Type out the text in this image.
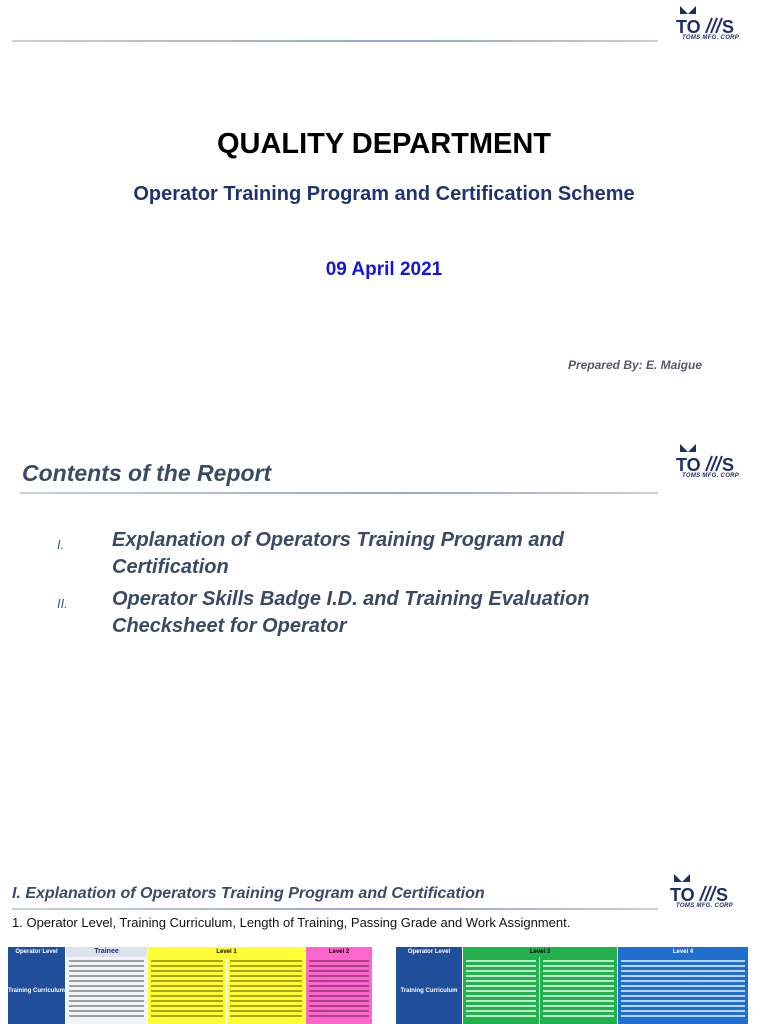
TO S
TOMS MFG. CORP
QUALITY DEPARTMENT
Operator Training Program and Certification Scheme
09 April 2021
Prepared By: E. Maigue
Contents of the Report	TO S
TOMS MFG. CORP
I. Explanation of Operators Training Program and Certification
II. Operator Skills Badge I.D. and Training Evaluation Checksheet for Operator
I. Explanation of Operators Training Program and Certification	TO S
TOMS MFG. CORP
1. Operator Level, Training Curriculum, Length of Training, Passing Grade and Work Assignment.
Operator Level	Trainee	Level 1	Level 2
Training Curriculum
Operator Level	Level 3	Level 4
Training Curriculum
